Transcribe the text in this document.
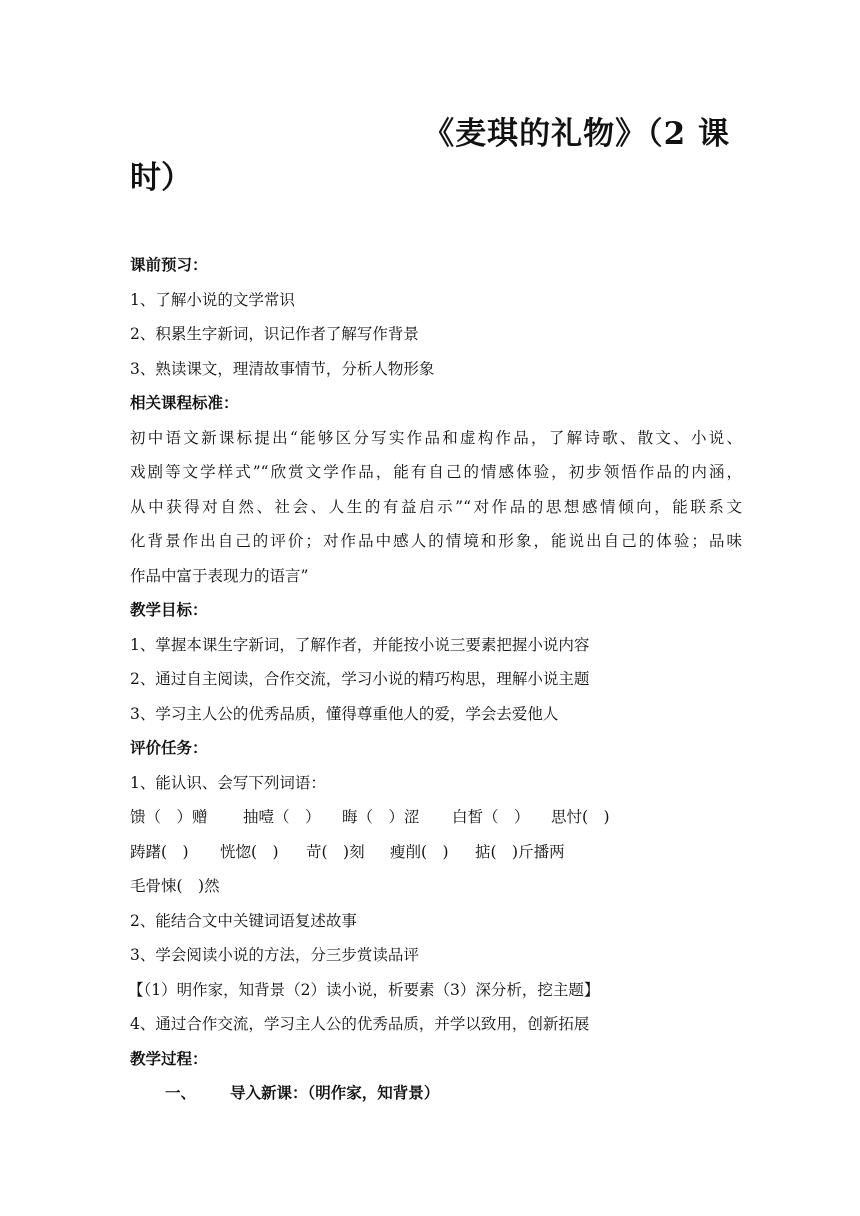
《麦琪的礼物》（2 课
时）
课前预习：
1、了解小说的文学常识
2、积累生字新词，识记作者了解写作背景
3、熟读课文，理清故事情节，分析人物形象
相关课程标准：
初中语文新课标提出“能够区分写实作品和虚构作品，了解诗歌、散文、小说、
戏剧等文学样式”“欣赏文学作品，能有自己的情感体验，初步领悟作品的内涵，
从中获得对自然、社会、人生的有益启示”“对作品的思想感情倾向，能联系文
化背景作出自己的评价；对作品中感人的情境和形象，能说出自己的体验；品味
作品中富于表现力的语言”
教学目标：
1、掌握本课生字新词，了解作者，并能按小说三要素把握小说内容
2、通过自主阅读，合作交流，学习小说的精巧构思，理解小说主题
3、学习主人公的优秀品质，懂得尊重他人的爱，学会去爱他人
评价任务：
1、能认识、会写下列词语：
馈（　）赠 抽噎（　） 晦（　）涩 白皙（　） 思忖(　)
踌躇(　) 恍惚(　) 苛(　)刻 瘦削(　) 掂(　)斤播两
毛骨悚(　)然
2、能结合文中关键词语复述故事
3、学会阅读小说的方法，分三步赏读品评
【（1）明作家，知背景（2）读小说，析要素（3）深分析，挖主题】
4、通过合作交流，学习主人公的优秀品质，并学以致用，创新拓展
教学过程：
一、 导入新课：（明作家，知背景）
